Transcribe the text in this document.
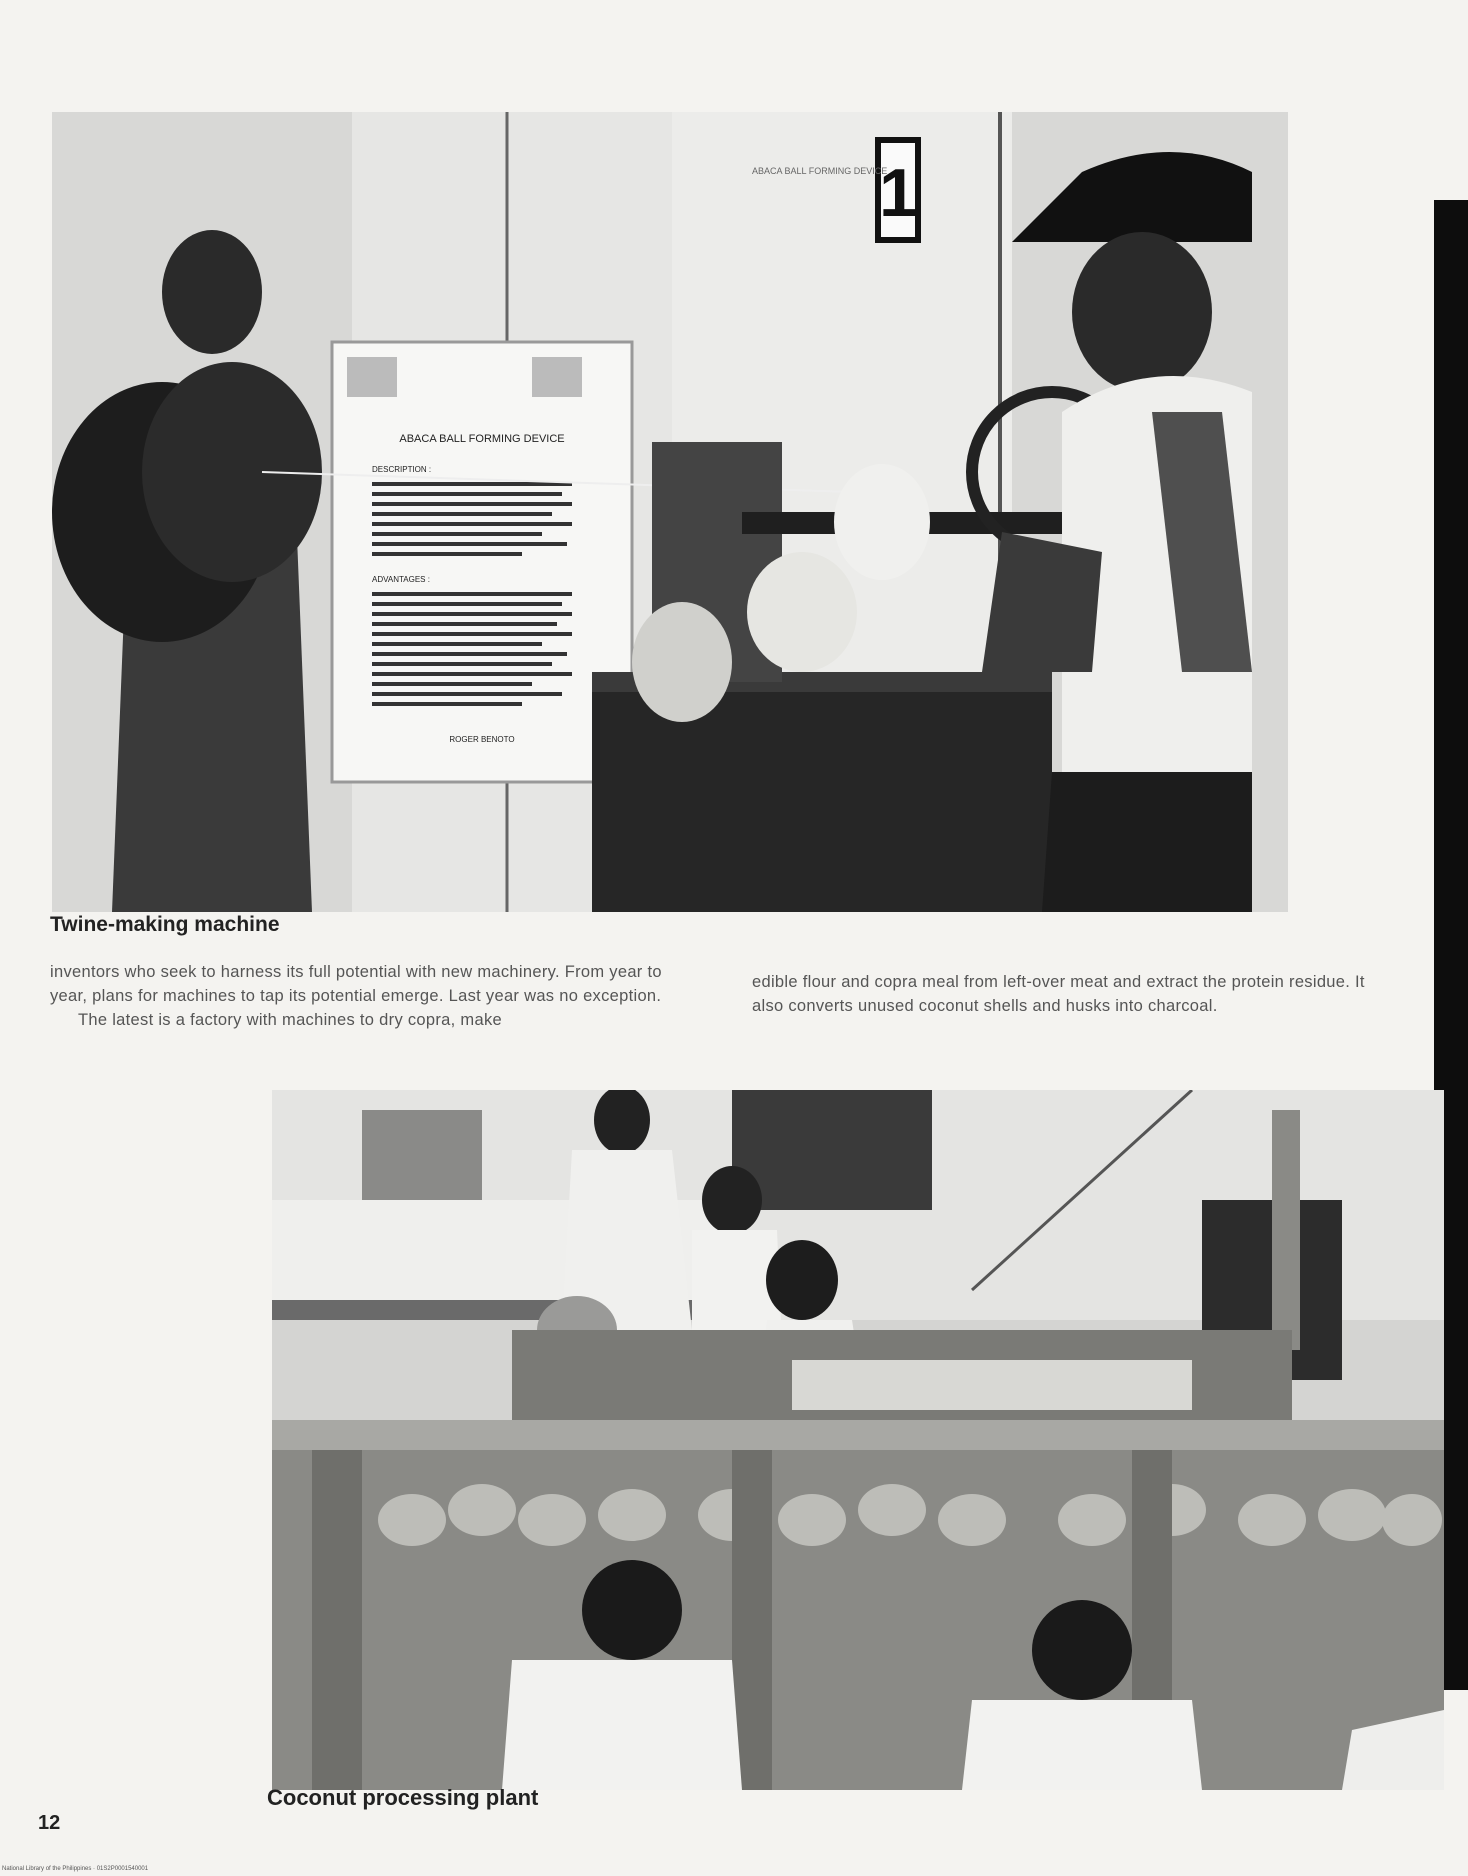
1
ABACA BALL FORMING DEVICE
ABACA BALL FORMING DEVICE
DESCRIPTION :
ADVANTAGES :
ROGER BENOTO
Twine-making machine

inventors who seek to harness its full potential with new machinery. From year to year, plans for machines to tap its potential emerge. Last year was no exception.

The latest is a factory with machines to dry copra, make

edible flour and copra meal from left-over meat and extract the protein residue. It also converts unused coconut shells and husks into charcoal.

Coconut processing plant
12
National Library of the Philippines · 01S2P0001540001
